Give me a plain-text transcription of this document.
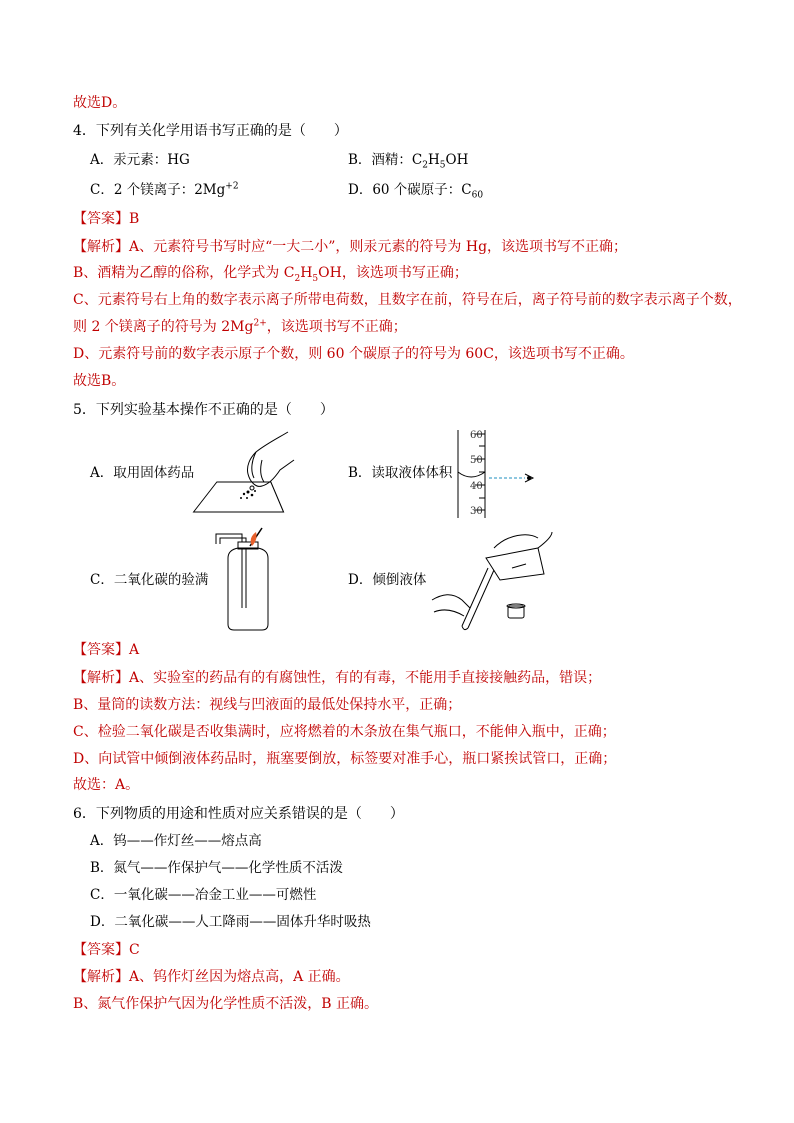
故选D。
4．下列有关化学用语书写正确的是（　　）
A．汞元素：HG	B．酒精：$C_2H_5OH$
C．2 个镁离子：$2Mg^{+2}$	D．60 个碳原子：$C_{60}$
【答案】B
【解析】A、元素符号书写时应“一大二小”，则汞元素的符号为 Hg，该选项书写不正确；
B、酒精为乙醇的俗称，化学式为 $C_2H_5OH$，该选项书写正确；
C、元素符号右上角的数字表示离子所带电荷数，且数字在前，符号在后，离子符号前的数字表示离子个数，
则 2 个镁离子的符号为 $2Mg^{2+}$，该选项书写不正确；
D、元素符号前的数字表示原子个数，则 60 个碳原子的符号为 60C，该选项书写不正确。
故选B。
5．下列实验基本操作不正确的是（　　）
A．取用固体药品	B．读取液体体积
C．二氧化碳的验满	D．倾倒液体
60
50
40
30
【答案】A
【解析】A、实验室的药品有的有腐蚀性，有的有毒，不能用手直接接触药品，错误；
B、量筒的读数方法：视线与凹液面的最低处保持水平，正确；
C、检验二氧化碳是否收集满时，应将燃着的木条放在集气瓶口，不能伸入瓶中，正确；
D、向试管中倾倒液体药品时，瓶塞要倒放，标签要对准手心，瓶口紧挨试管口，正确；
故选：A。
6．下列物质的用途和性质对应关系错误的是（　　）
A．钨——作灯丝——熔点高
B．氮气——作保护气——化学性质不活泼
C．一氧化碳——冶金工业——可燃性
D．二氧化碳——人工降雨——固体升华时吸热
【答案】C
【解析】A、钨作灯丝因为熔点高，A 正确。
B、氮气作保护气因为化学性质不活泼，B 正确。
